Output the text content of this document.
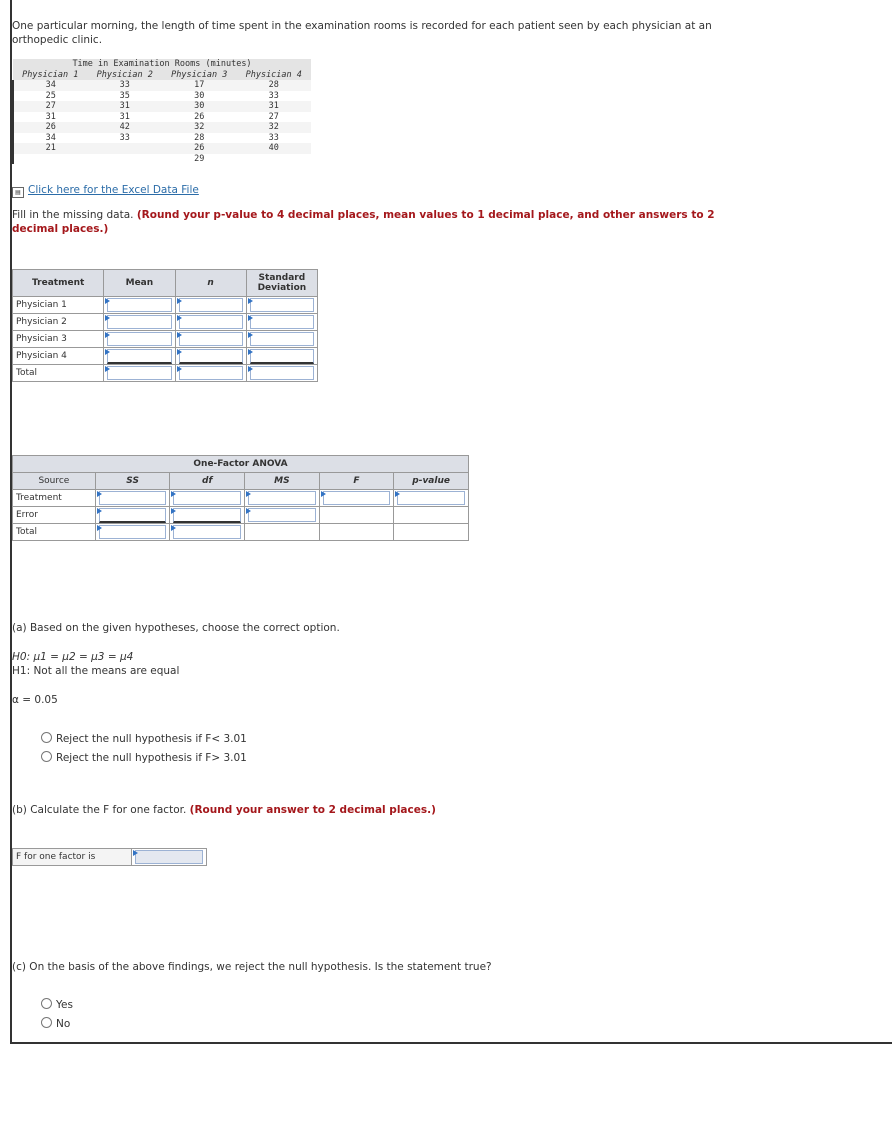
One particular morning, the length of time spent in the examination rooms is recorded for each patient seen by each physician at an orthopedic clinic.

Time in Examination Rooms (minutes)			
Physician 1	Physician 2	Physician 3	Physician 4
34	33	17	28
25	35	30	33
27	31	30	31
31	31	26	27
26	42	32	32
34	33	28	33
21		26	40
		29	
▤ Click here for the Excel Data File

Fill in the missing data. (Round your p-value to 4 decimal places, mean values to 1 decimal place, and other answers to 2 decimal places.)

Treatment	Mean	n	Standard Deviation
Physician 1	

Physician 2	

Physician 3	

Physician 4	

Total	

One-Factor ANOVA					
Source	SS	df	MS	F	p-value
Treatment	

Error	

Total	

(a) Based on the given hypotheses, choose the correct option.

H0: μ1 = μ2 = μ3 = μ4

H1: Not all the means are equal

α = 0.05

Reject the null hypothesis if F< 3.01
Reject the null hypothesis if F> 3.01

(b) Calculate the F for one factor. (Round your answer to 2 decimal places.)

F for one factor is	

(c) On the basis of the above findings, we reject the null hypothesis. Is the statement true?

Yes
No
